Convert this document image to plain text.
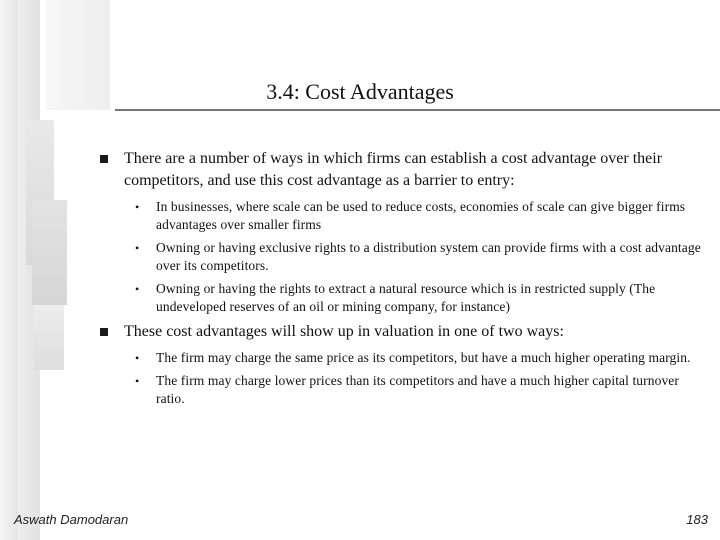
3.4: Cost Advantages
There are a number of ways in which firms can establish a cost advantage over their competitors, and use this cost advantage as a barrier to entry:
• In businesses, where scale can be used to reduce costs, economies of scale can give bigger firms advantages over smaller firms
• Owning or having exclusive rights to a distribution system can provide firms with a cost advantage over its competitors.
• Owning or having the rights to extract a natural resource which is in restricted supply (The undeveloped reserves of an oil or mining company, for instance)
These cost advantages will show up in valuation in one of two ways:
• The firm may charge the same price as its competitors, but have a much higher operating margin.
• The firm may charge lower prices than its competitors and have a much higher capital turnover ratio.
Aswath Damodaran	183
